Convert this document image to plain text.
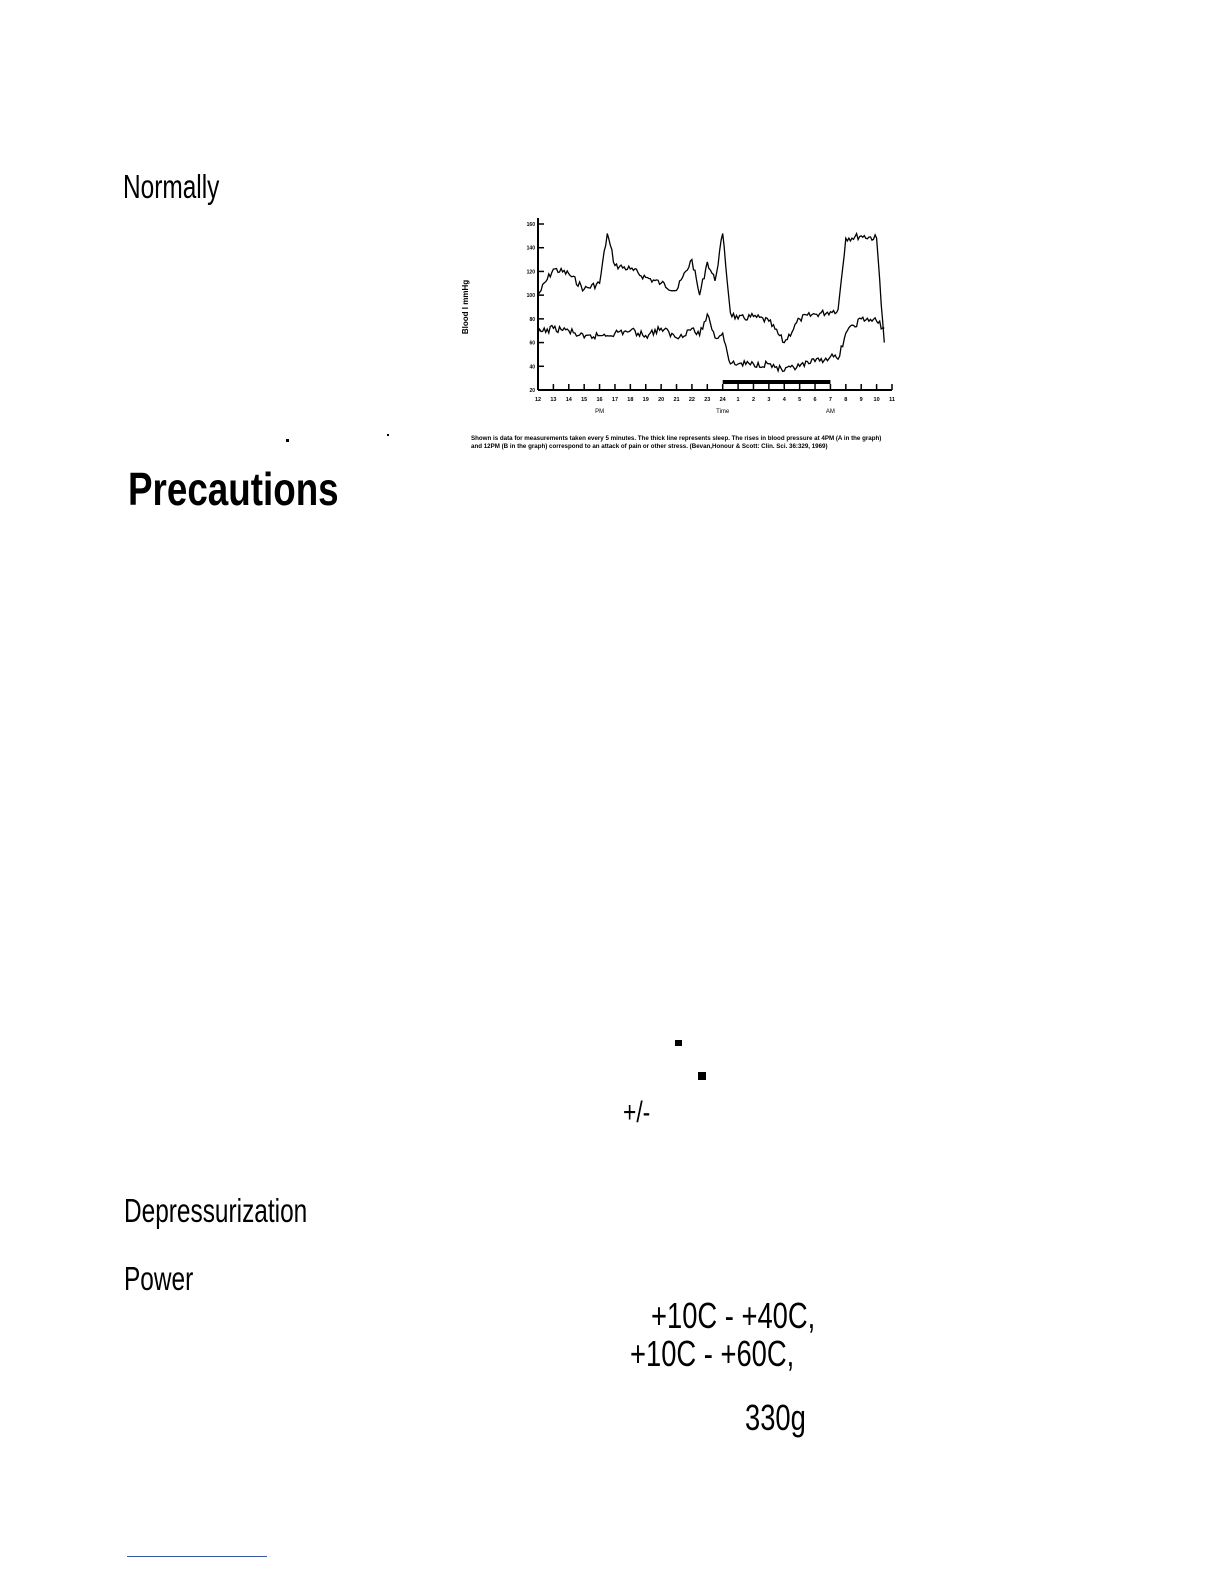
Normally
Precautions
20
40
60
80
100
120
140
160
12 13 14 15 16 17 18 19 20 21 22 23 24 1 2 3 4 5 6 7 8 9 10 11
PM	Time	AM
Blood I mmHg
Shown is data for measurements taken every 5 minutes. The thick line represents sleep. The rises in blood pressure at 4PM (A in the graph) and 12PM (B in the graph) correspond to an attack of pain or other stress. (Bevan,Honour & Scott: Clin. Sci. 36:329, 1969)
+/-
Depressurization
Power
+10C - +40C,
+10C - +60C,
330g
